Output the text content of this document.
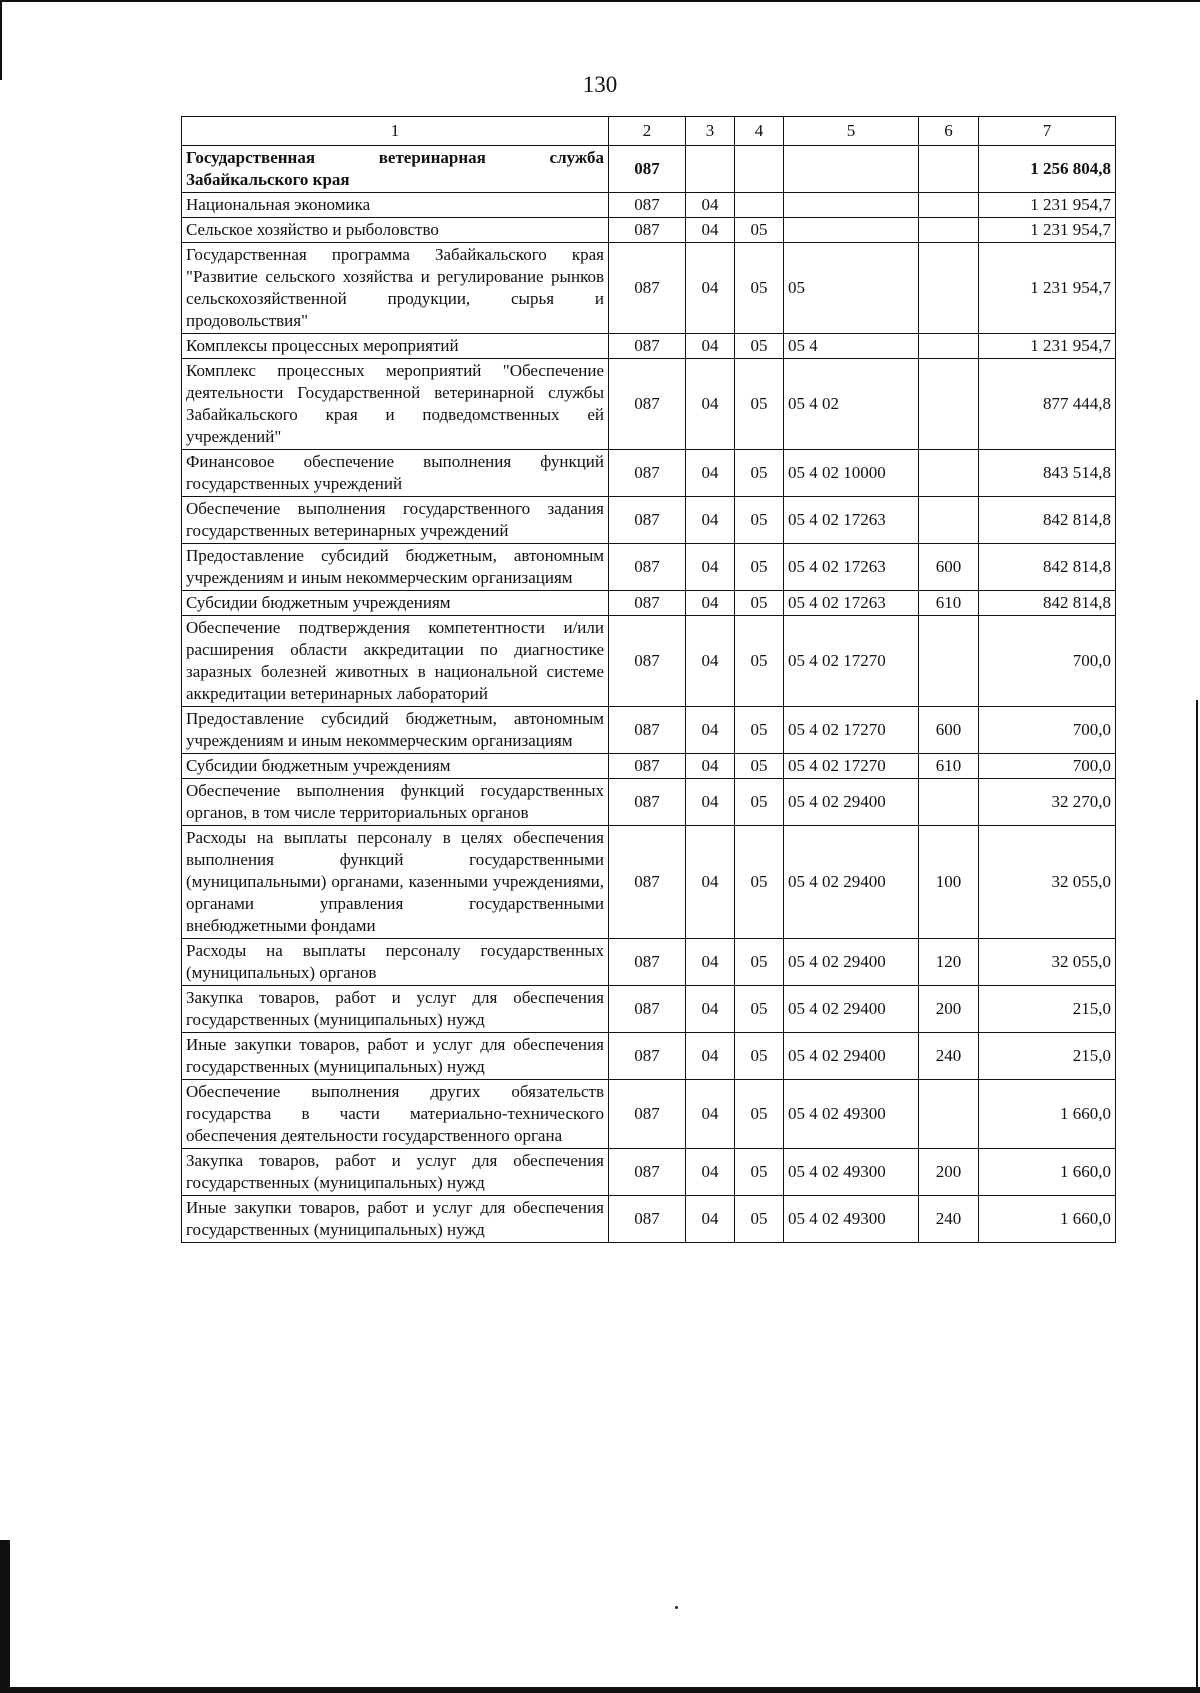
130
1	2	3	4	5	6	7
Государственная ветеринарная служба Забайкальского края	087					1 256 804,8
Национальная экономика	087	04				1 231 954,7
Сельское хозяйство и рыболовство	087	04	05			1 231 954,7
Государственная программа Забайкальского края "Развитие сельского хозяйства и регулирование рынков сельскохозяйственной продукции, сырья и продовольствия"	087	04	05	05		1 231 954,7
Комплексы процессных мероприятий	087	04	05	05 4		1 231 954,7
Комплекс процессных мероприятий "Обеспечение деятельности Государственной ветеринарной службы Забайкальского края и подведомственных ей учреждений"	087	04	05	05 4 02		877 444,8
Финансовое обеспечение выполнения функций государственных учреждений	087	04	05	05 4 02 10000		843 514,8
Обеспечение выполнения государственного задания государственных ветеринарных учреждений	087	04	05	05 4 02 17263		842 814,8
Предоставление субсидий бюджетным, автономным учреждениям и иным некоммерческим организациям	087	04	05	05 4 02 17263	600	842 814,8
Субсидии бюджетным учреждениям	087	04	05	05 4 02 17263	610	842 814,8
Обеспечение подтверждения компетентности и/или расширения области аккредитации по диагностике заразных болезней животных в национальной системе аккредитации ветеринарных лабораторий	087	04	05	05 4 02 17270		700,0
Предоставление субсидий бюджетным, автономным учреждениям и иным некоммерческим организациям	087	04	05	05 4 02 17270	600	700,0
Субсидии бюджетным учреждениям	087	04	05	05 4 02 17270	610	700,0
Обеспечение выполнения функций государственных органов, в том числе территориальных органов	087	04	05	05 4 02 29400		32 270,0
Расходы на выплаты персоналу в целях обеспечения выполнения функций государственными (муниципальными) органами, казенными учреждениями, органами управления государственными внебюджетными фондами	087	04	05	05 4 02 29400	100	32 055,0
Расходы на выплаты персоналу государственных (муниципальных) органов	087	04	05	05 4 02 29400	120	32 055,0
Закупка товаров, работ и услуг для обеспечения государственных (муниципальных) нужд	087	04	05	05 4 02 29400	200	215,0
Иные закупки товаров, работ и услуг для обеспечения государственных (муниципальных) нужд	087	04	05	05 4 02 29400	240	215,0
Обеспечение выполнения других обязательств государства в части материально-технического обеспечения деятельности государственного органа	087	04	05	05 4 02 49300		1 660,0
Закупка товаров, работ и услуг для обеспечения государственных (муниципальных) нужд	087	04	05	05 4 02 49300	200	1 660,0
Иные закупки товаров, работ и услуг для обеспечения государственных (муниципальных) нужд	087	04	05	05 4 02 49300	240	1 660,0
